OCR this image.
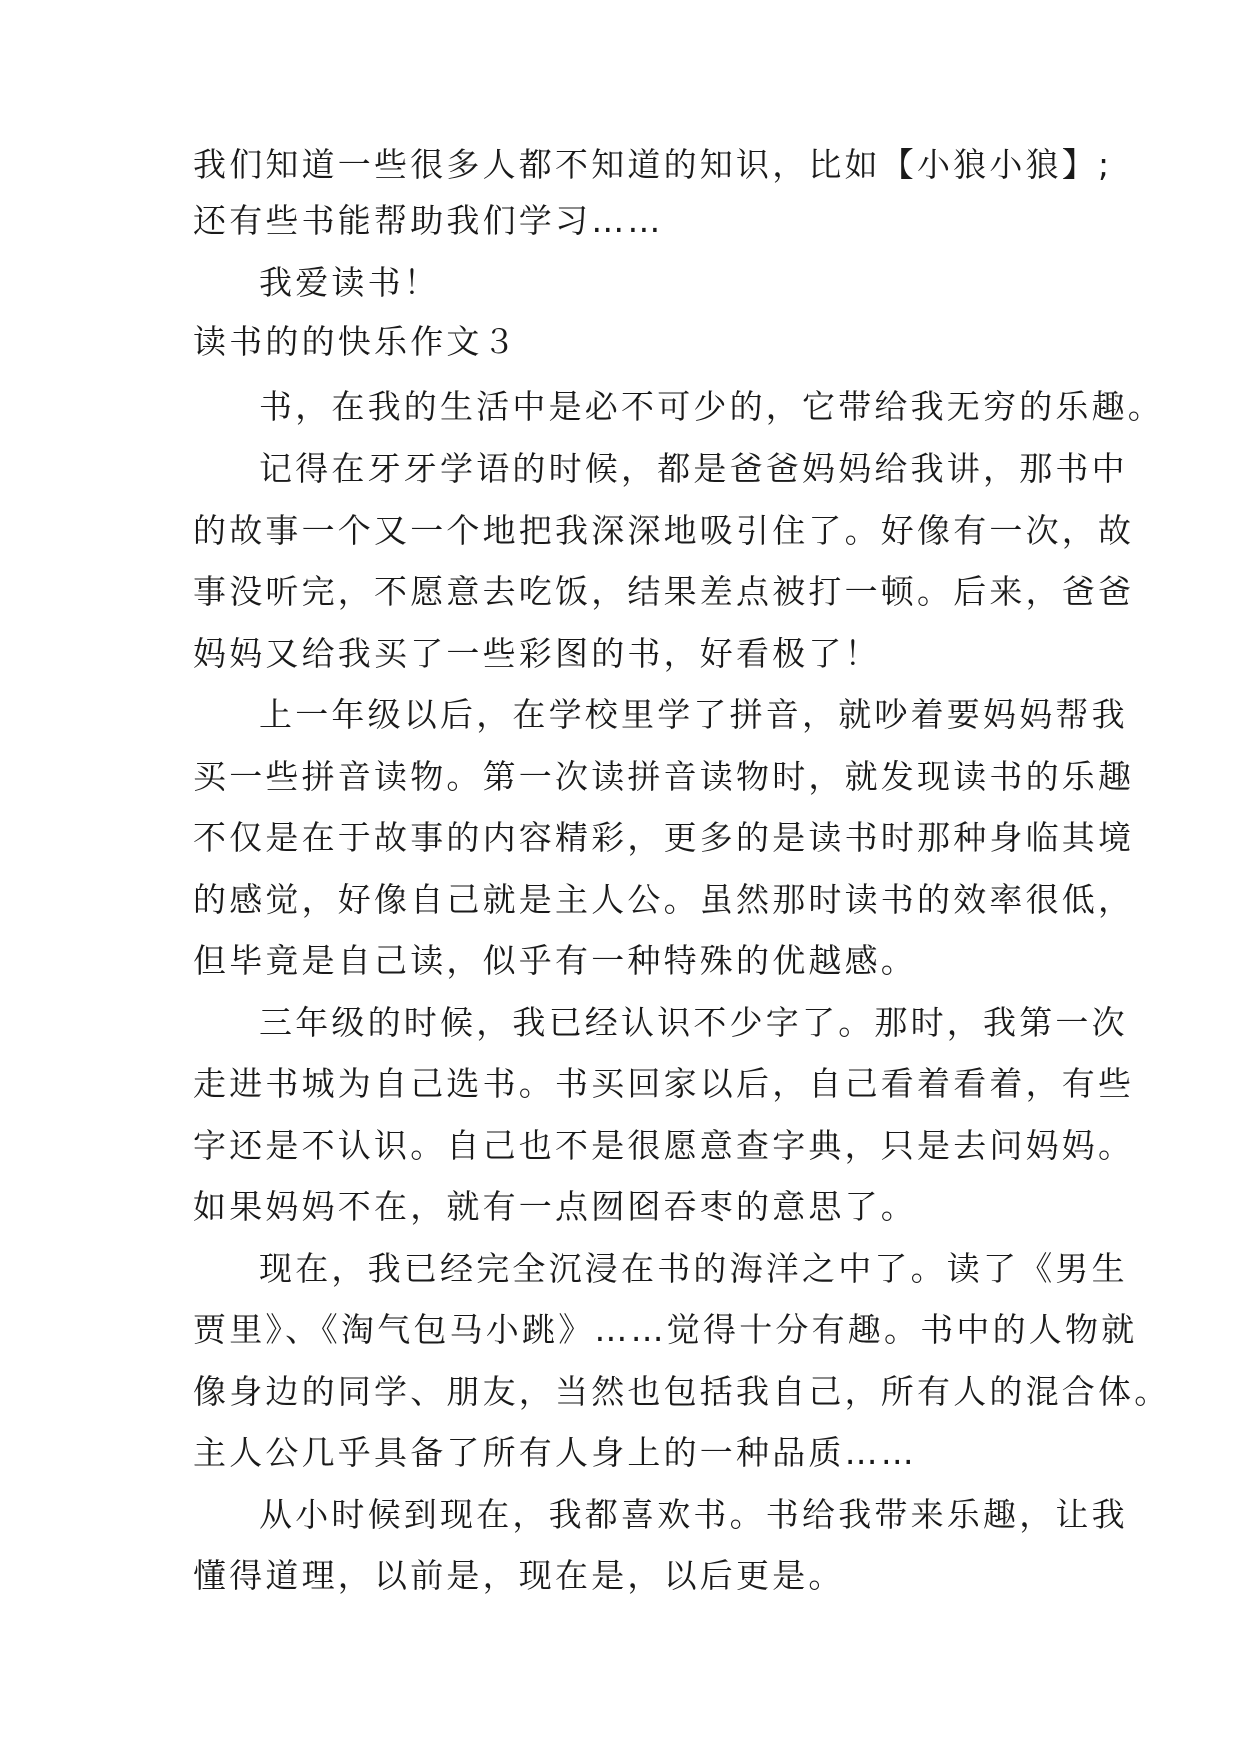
我们知道一些很多人都不知道的知识，比如【小狼小狼】;
还有些书能帮助我们学习……
我爱读书！
读书的的快乐作文３
书，在我的生活中是必不可少的，它带给我无穷的乐趣。
记得在牙牙学语的时候，都是爸爸妈妈给我讲，那书中
的故事一个又一个地把我深深地吸引住了。好像有一次，故
事没听完，不愿意去吃饭，结果差点被打一顿。后来，爸爸
妈妈又给我买了一些彩图的书，好看极了！
上一年级以后，在学校里学了拼音，就吵着要妈妈帮我
买一些拼音读物。第一次读拼音读物时，就发现读书的乐趣
不仅是在于故事的内容精彩，更多的是读书时那种身临其境
的感觉，好像自己就是主人公。虽然那时读书的效率很低，
但毕竟是自己读，似乎有一种特殊的优越感。
三年级的时候，我已经认识不少字了。那时，我第一次
走进书城为自己选书。书买回家以后，自己看着看着，有些
字还是不认识。自己也不是很愿意查字典，只是去问妈妈。
如果妈妈不在，就有一点囫囵吞枣的意思了。
现在，我已经完全沉浸在书的海洋之中了。读了《男生
贾里》、《淘气包马小跳》……觉得十分有趣。书中的人物就
像身边的同学、朋友，当然也包括我自己，所有人的混合体。
主人公几乎具备了所有人身上的一种品质……
从小时候到现在，我都喜欢书。书给我带来乐趣，让我
懂得道理，以前是，现在是，以后更是。
